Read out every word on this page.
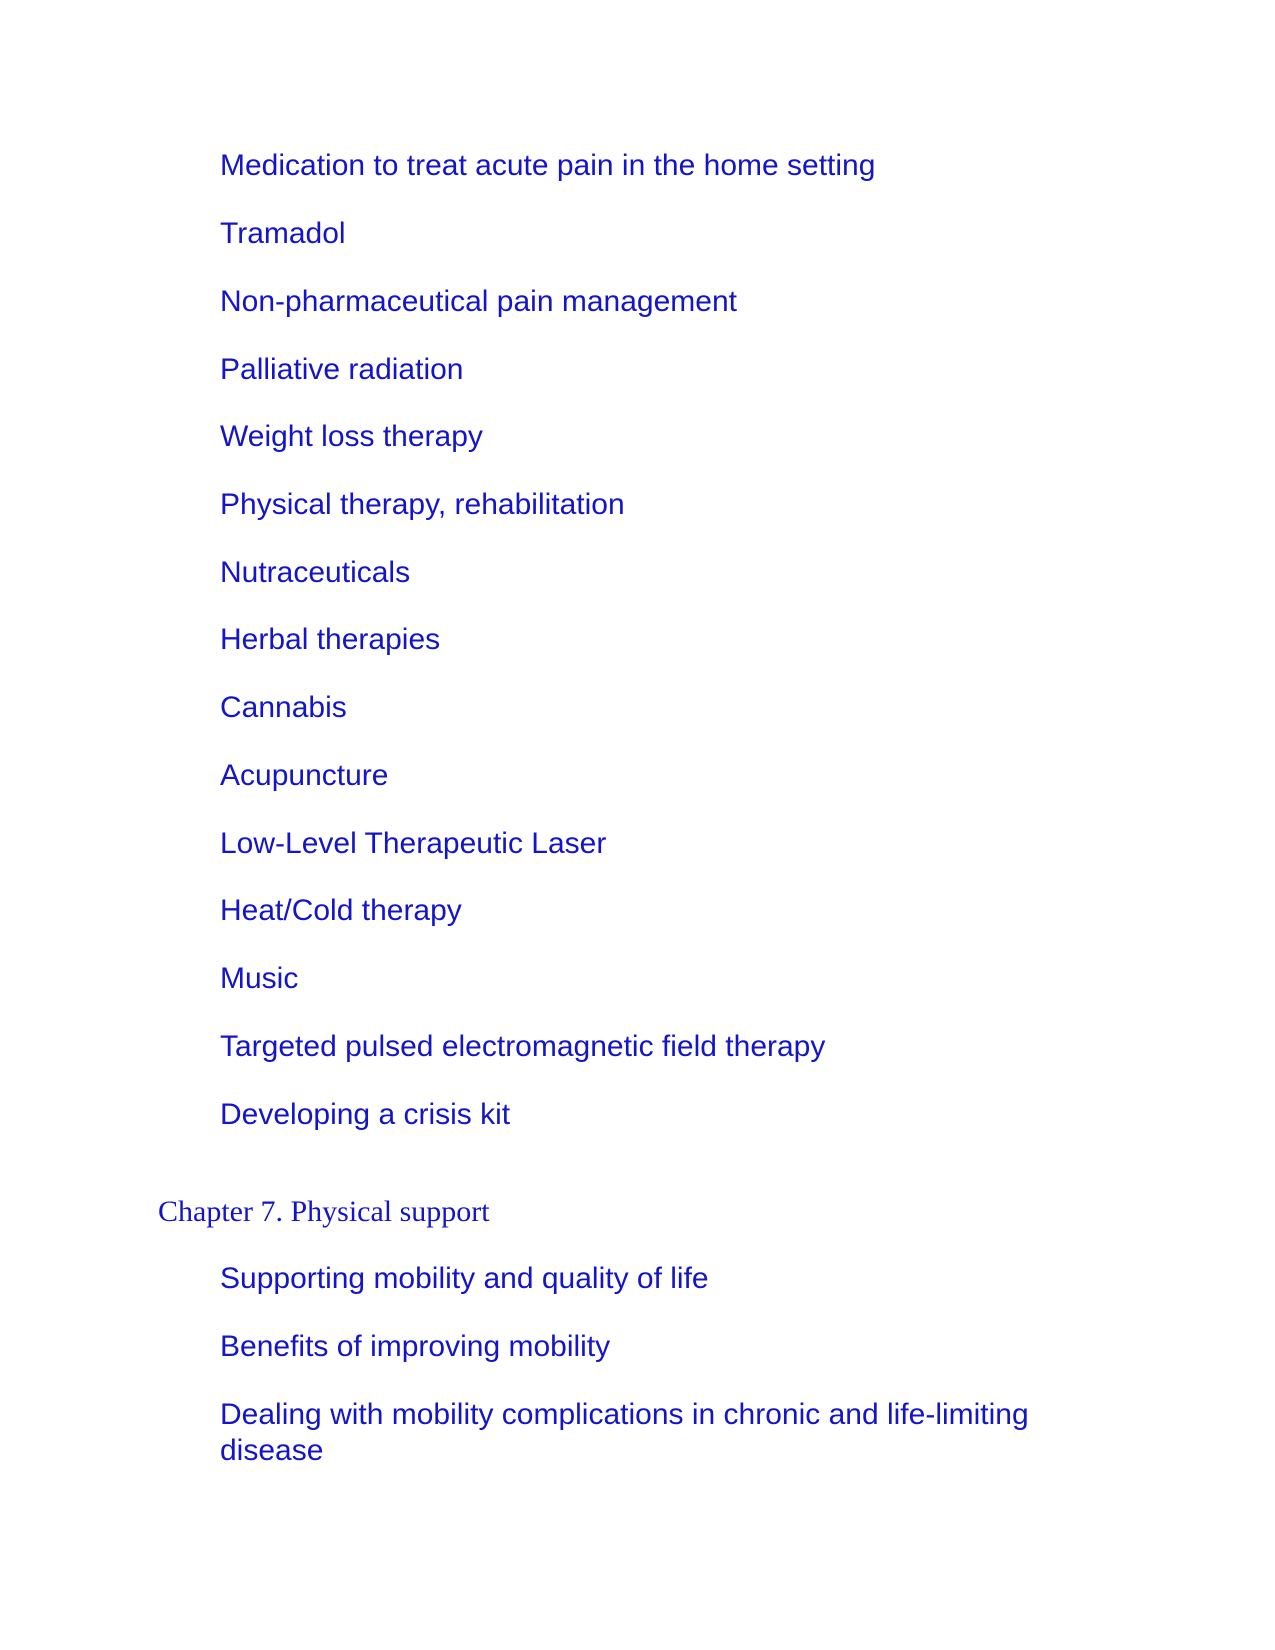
Medication to treat acute pain in the home setting
Tramadol
Non-pharmaceutical pain management
Palliative radiation
Weight loss therapy
Physical therapy, rehabilitation
Nutraceuticals
Herbal therapies
Cannabis
Acupuncture
Low-Level Therapeutic Laser
Heat/Cold therapy
Music
Targeted pulsed electromagnetic field therapy
Developing a crisis kit
Chapter 7. Physical support
Supporting mobility and quality of life
Benefits of improving mobility
Dealing with mobility complications in chronic and life-limiting disease
